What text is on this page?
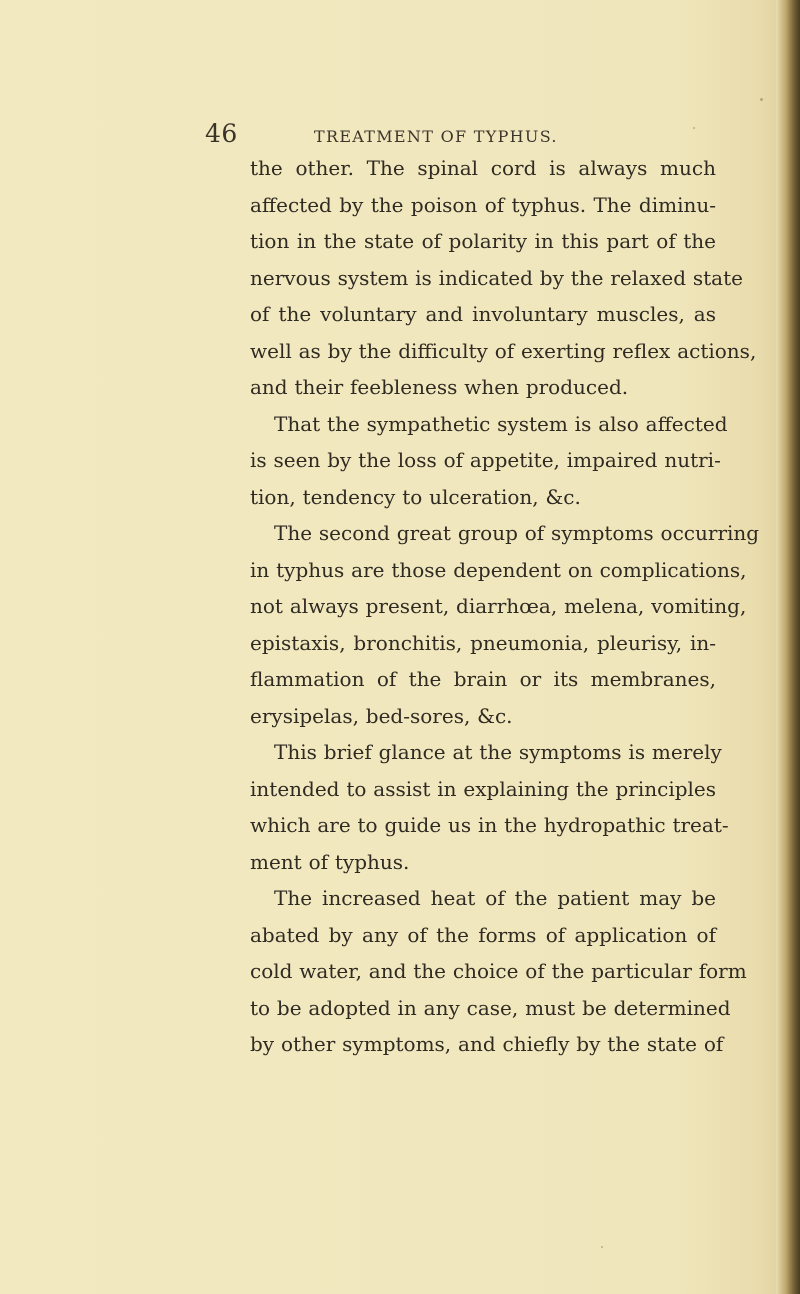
46	TREATMENT OF TYPHUS.
the other. The spinal cord is always much
affected by the poison of typhus. The diminu-
tion in the state of polarity in this part of the
nervous system is indicated by the relaxed state
of the voluntary and involuntary muscles, as
well as by the difficulty of exerting reflex actions,
and their feebleness when produced.
That the sympathetic system is also affected
is seen by the loss of appetite, impaired nutri-
tion, tendency to ulceration, &c.
The second great group of symptoms occurring
in typhus are those dependent on complications,
not always present, diarrhœa, melena, vomiting,
epistaxis, bronchitis, pneumonia, pleurisy, in-
flammation of the brain or its membranes,
erysipelas, bed-sores, &c.
This brief glance at the symptoms is merely
intended to assist in explaining the principles
which are to guide us in the hydropathic treat-
ment of typhus.
The increased heat of the patient may be
abated by any of the forms of application of
cold water, and the choice of the particular form
to be adopted in any case, must be determined
by other symptoms, and chiefly by the state of
